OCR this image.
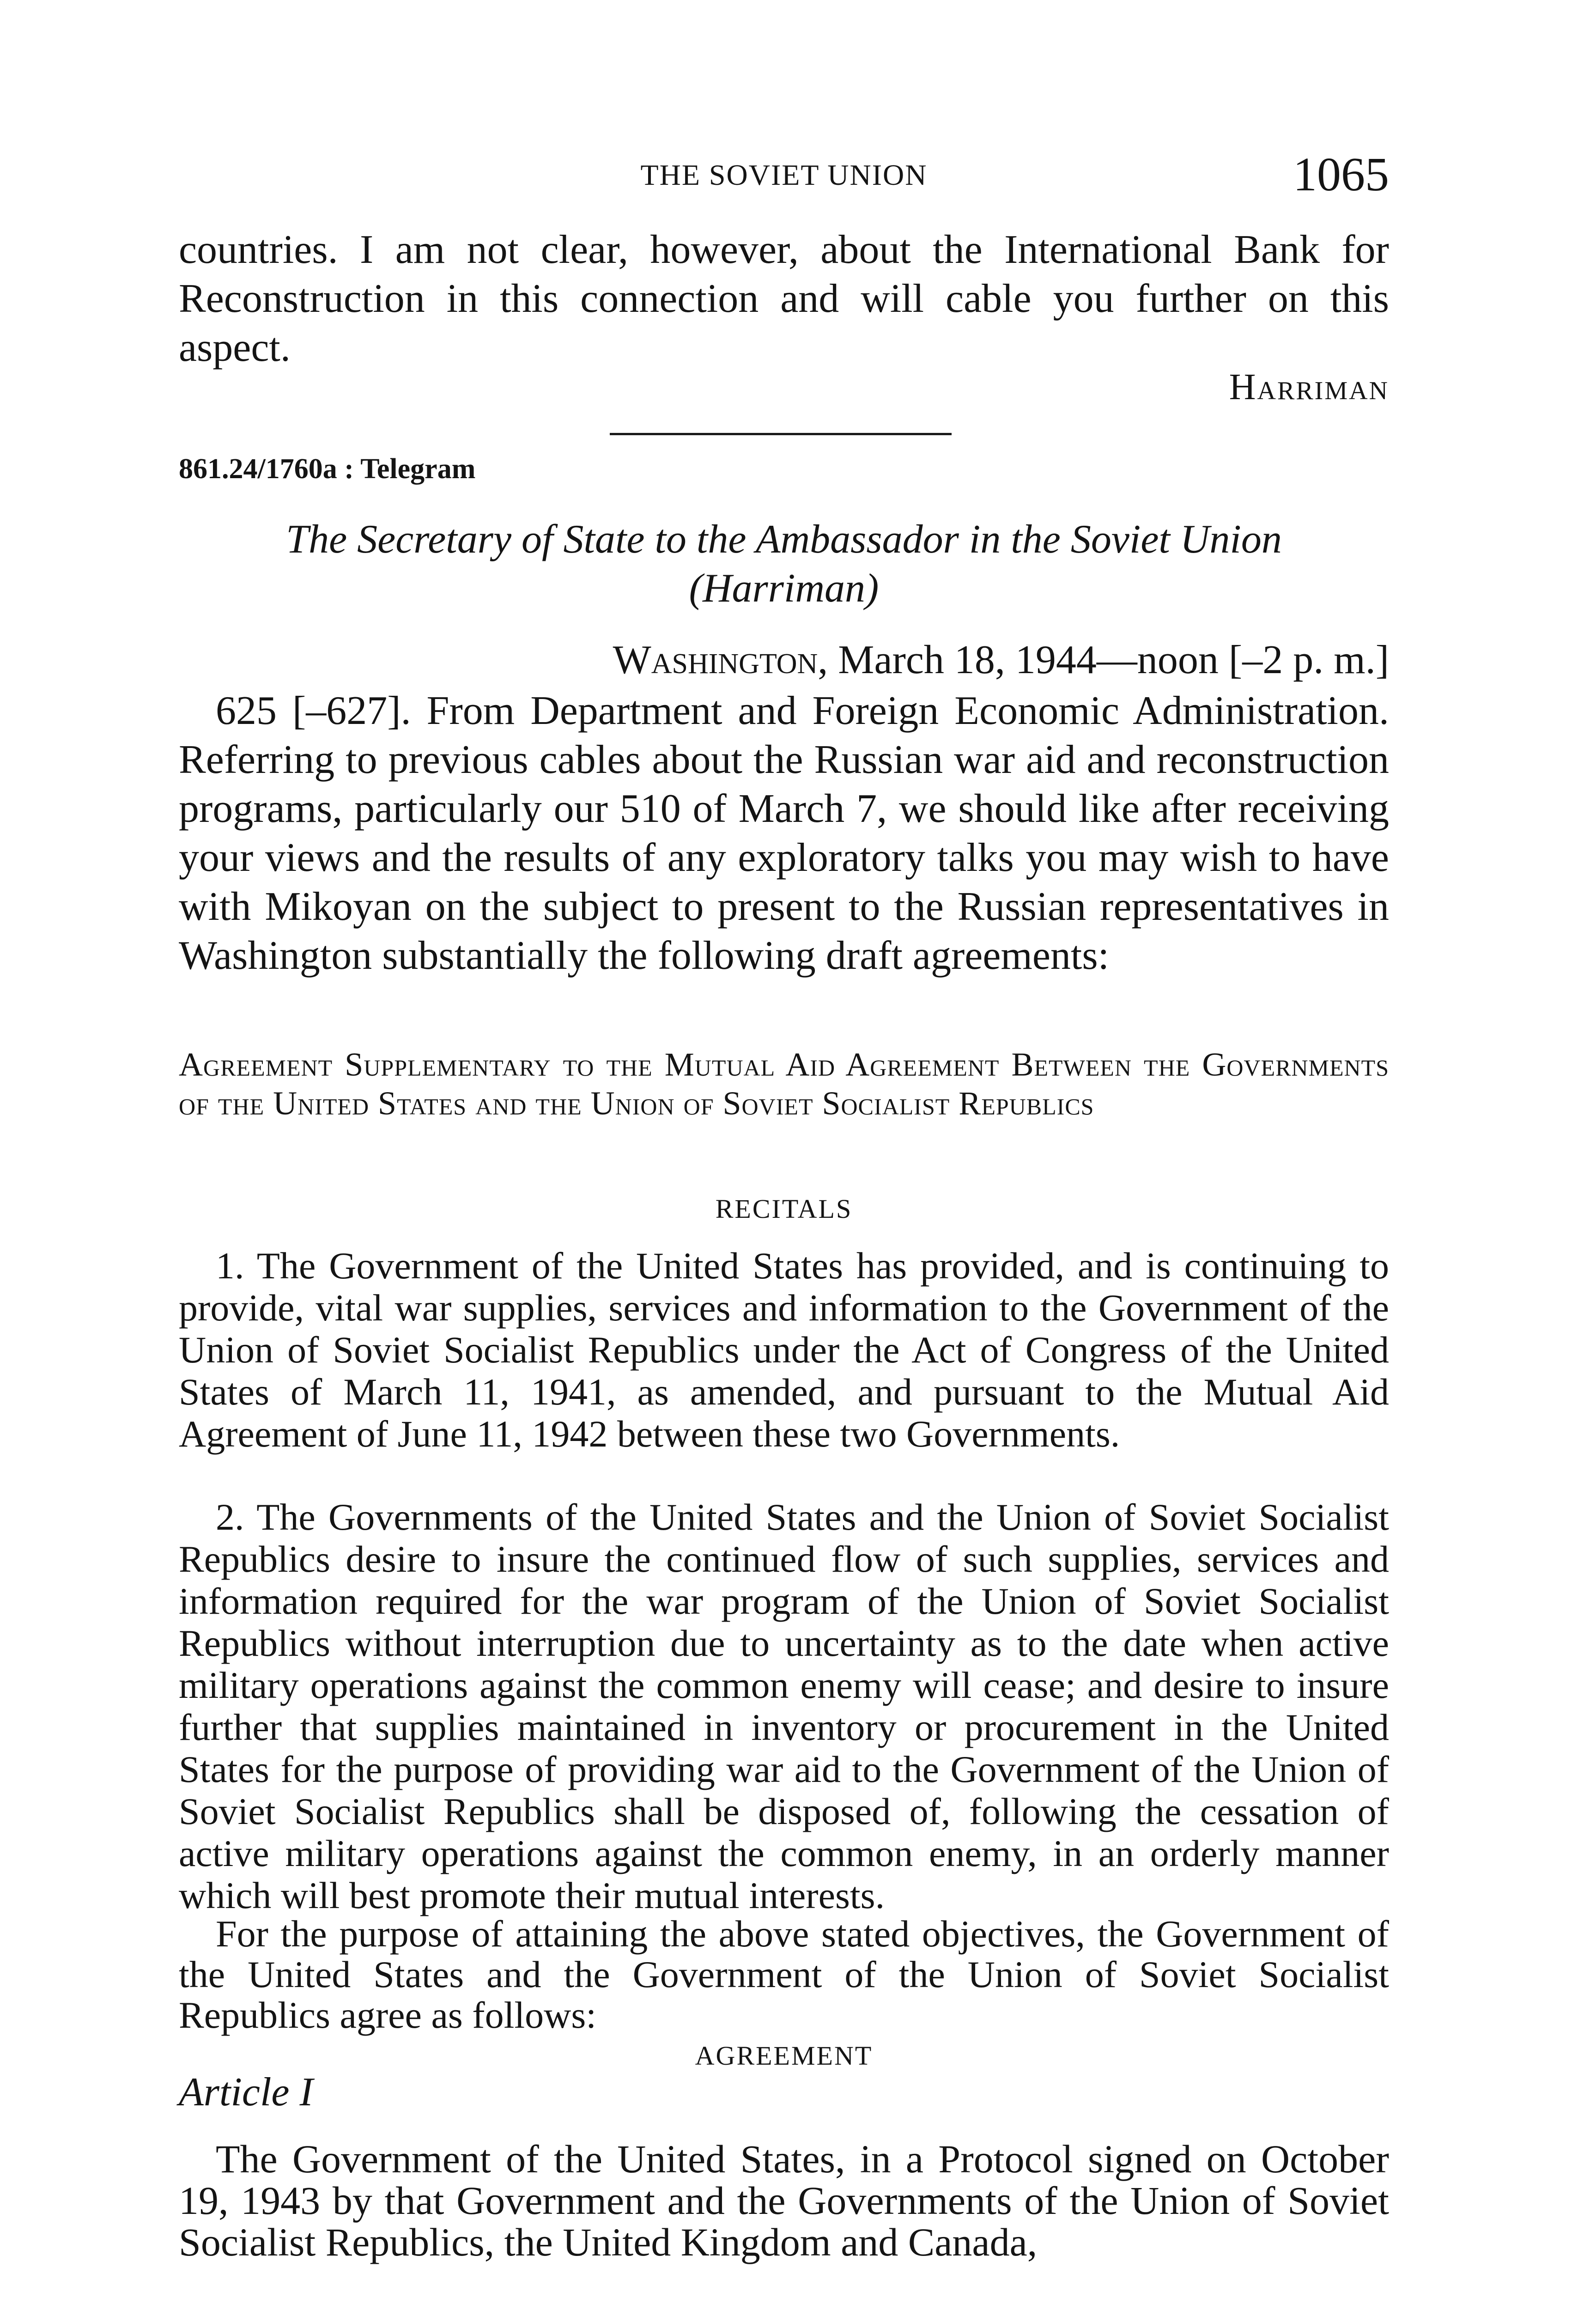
THE SOVIET UNION	1065

countries. I am not clear, however, about the International Bank for Reconstruction in this connection and will cable you further on this aspect.

Harriman
861.24/1760a : Telegram
The Secretary of State to the Ambassador in the Soviet Union
(Harriman)
Washington, March 18, 1944—noon [–2 p. m.]

625 [–627]. From Department and Foreign Economic Administration. Referring to previous cables about the Russian war aid and reconstruction programs, particularly our 510 of March 7, we should like after receiving your views and the results of any exploratory talks you may wish to have with Mikoyan on the subject to present to the Russian representatives in Washington substantially the following draft agreements:

Agreement Supplementary to the Mutual Aid Agreement Between the Governments of the United States and the Union of Soviet Socialist Republics
RECITALS

1. The Government of the United States has provided, and is continuing to provide, vital war supplies, services and information to the Government of the Union of Soviet Socialist Republics under the Act of Congress of the United States of March 11, 1941, as amended, and pursuant to the Mutual Aid Agreement of June 11, 1942 between these two Governments.

2. The Governments of the United States and the Union of Soviet Socialist Republics desire to insure the continued flow of such supplies, services and information required for the war program of the Union of Soviet Socialist Republics without interruption due to uncertainty as to the date when active military operations against the common enemy will cease; and desire to insure further that supplies maintained in inventory or procurement in the United States for the purpose of providing war aid to the Government of the Union of Soviet Socialist Republics shall be disposed of, following the cessation of active military operations against the common enemy, in an orderly manner which will best promote their mutual interests.

For the purpose of attaining the above stated objectives, the Government of the United States and the Government of the Union of Soviet Socialist Republics agree as follows:

AGREEMENT
Article I

The Government of the United States, in a Protocol signed on October 19, 1943 by that Government and the Governments of the Union of Soviet Socialist Republics, the United Kingdom and Canada,
